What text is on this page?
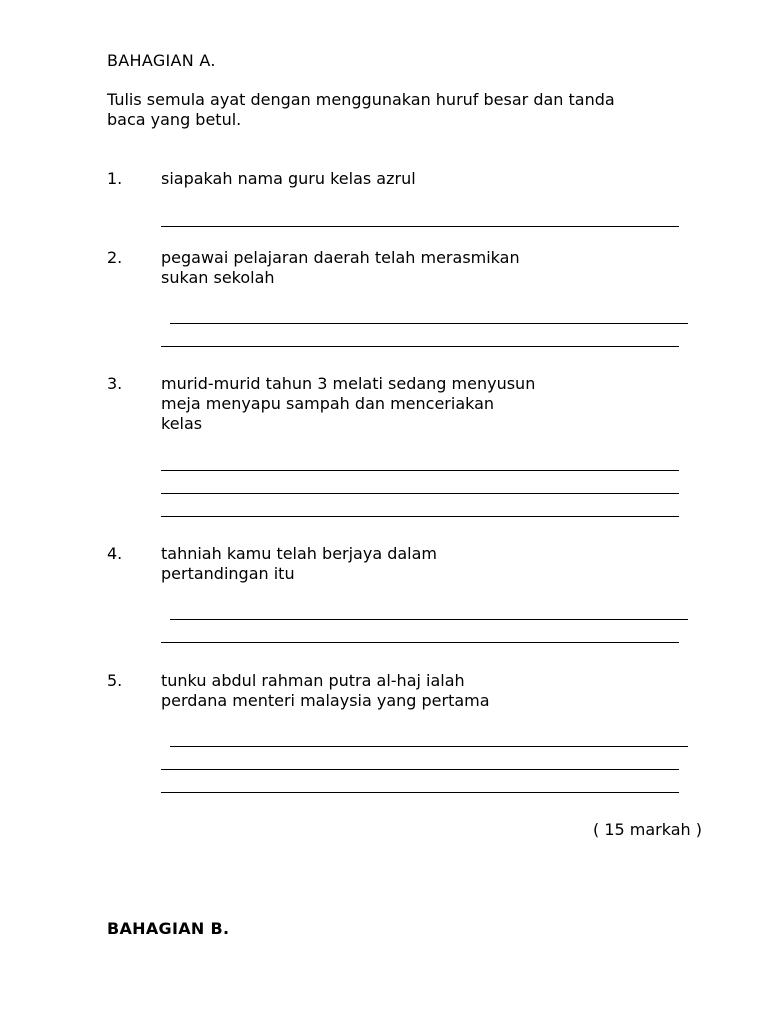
BAHAGIAN A.
Tulis semula ayat dengan menggunakan huruf besar dan tanda
baca yang betul.
1. siapakah nama guru kelas azrul
2. pegawai pelajaran daerah telah merasmikan
sukan sekolah
3. murid-murid tahun 3 melati sedang menyusun
meja menyapu sampah dan menceriakan
kelas
4. tahniah kamu telah berjaya dalam
pertandingan itu
5. tunku abdul rahman putra al-haj ialah
perdana menteri malaysia yang pertama
( 15 markah )
BAHAGIAN B.
